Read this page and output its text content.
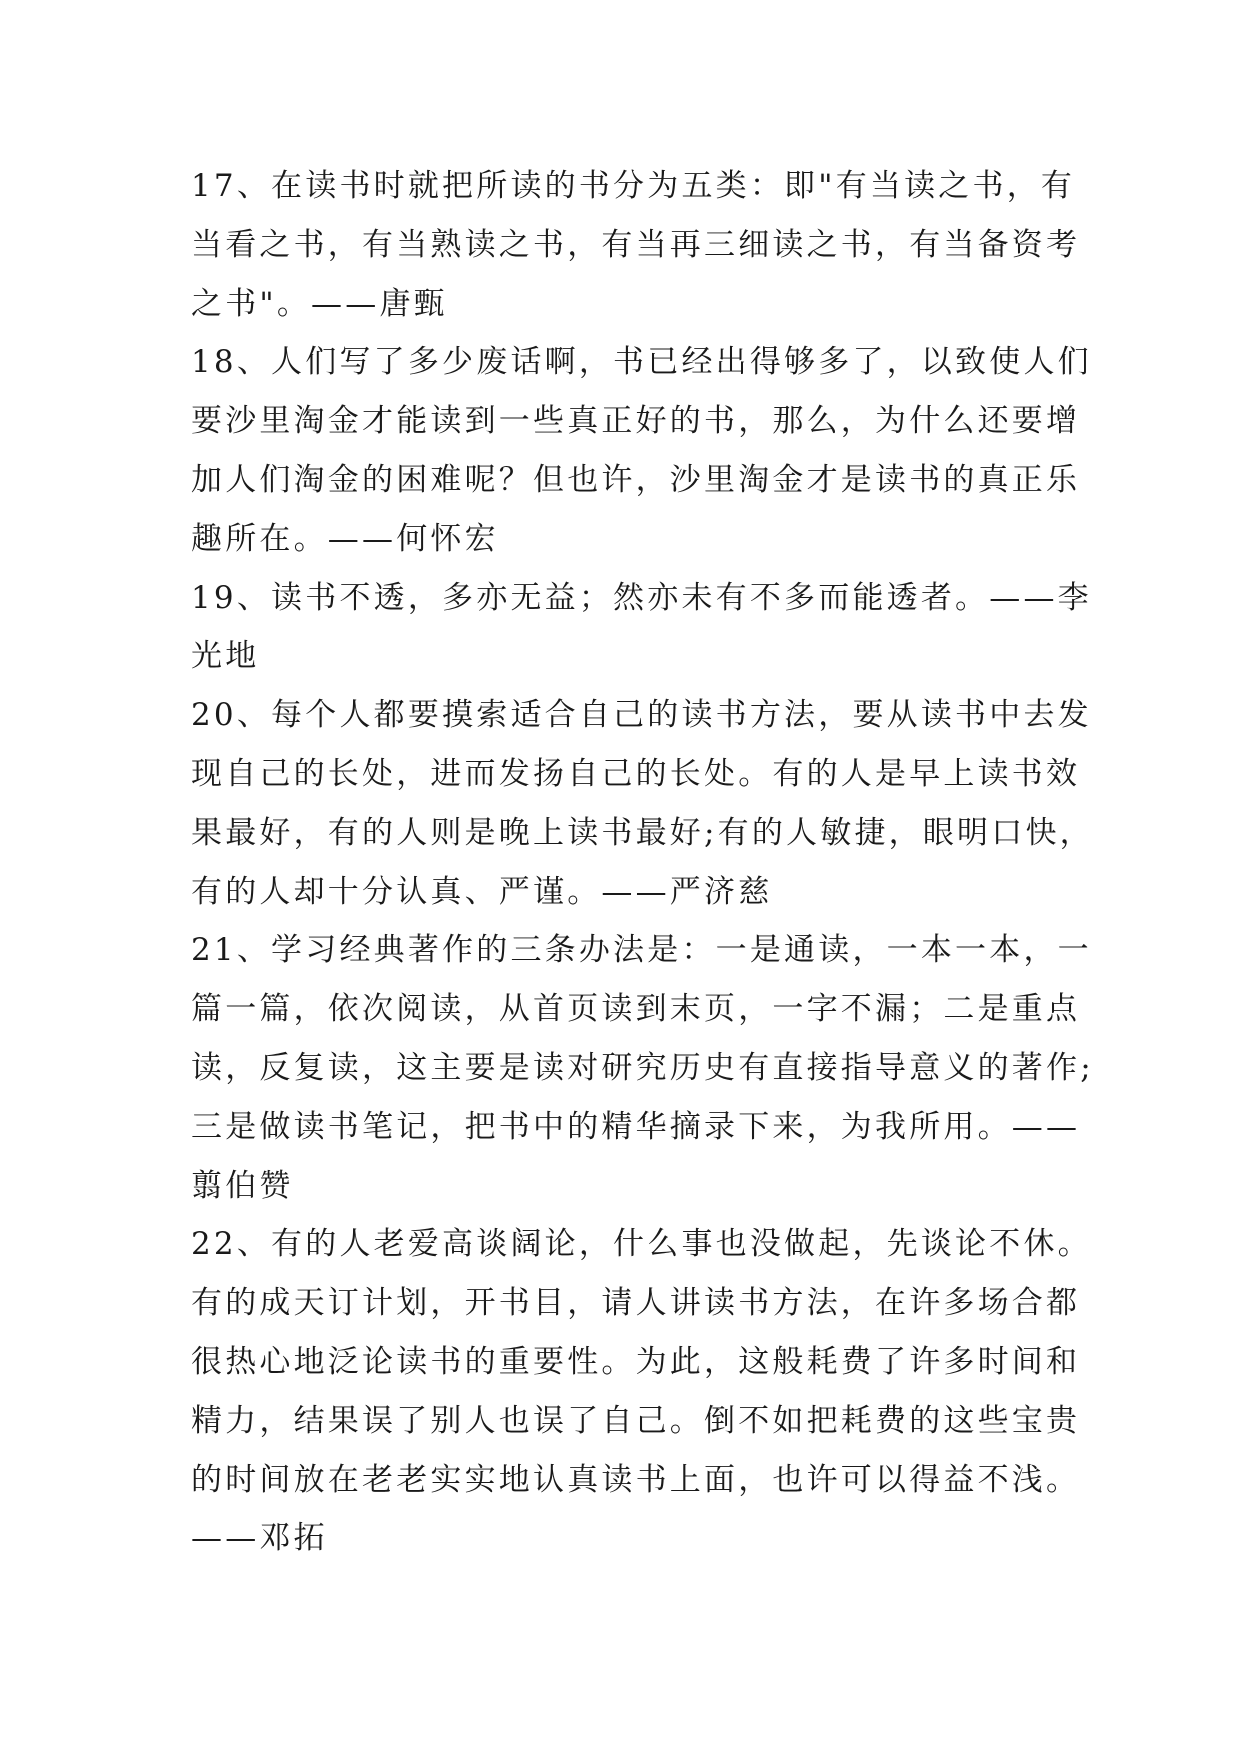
17、在读书时就把所读的书分为五类：即"有当读之书，有
当看之书，有当熟读之书，有当再三细读之书，有当备资考
之书"。——唐甄
18、人们写了多少废话啊，书已经出得够多了，以致使人们
要沙里淘金才能读到一些真正好的书，那么，为什么还要增
加人们淘金的困难呢？但也许，沙里淘金才是读书的真正乐
趣所在。——何怀宏
19、读书不透，多亦无益；然亦未有不多而能透者。——李
光地
20、每个人都要摸索适合自己的读书方法，要从读书中去发
现自己的长处，进而发扬自己的长处。有的人是早上读书效
果最好，有的人则是晚上读书最好;有的人敏捷，眼明口快，
有的人却十分认真、严谨。——严济慈
21、学习经典著作的三条办法是：一是通读，一本一本，一
篇一篇，依次阅读，从首页读到末页，一字不漏；二是重点
读，反复读，这主要是读对研究历史有直接指导意义的著作;
三是做读书笔记，把书中的精华摘录下来，为我所用。——
翦伯赞
22、有的人老爱高谈阔论，什么事也没做起，先谈论不休。
有的成天订计划，开书目，请人讲读书方法，在许多场合都
很热心地泛论读书的重要性。为此，这般耗费了许多时间和
精力，结果误了别人也误了自己。倒不如把耗费的这些宝贵
的时间放在老老实实地认真读书上面，也许可以得益不浅。
——邓拓
